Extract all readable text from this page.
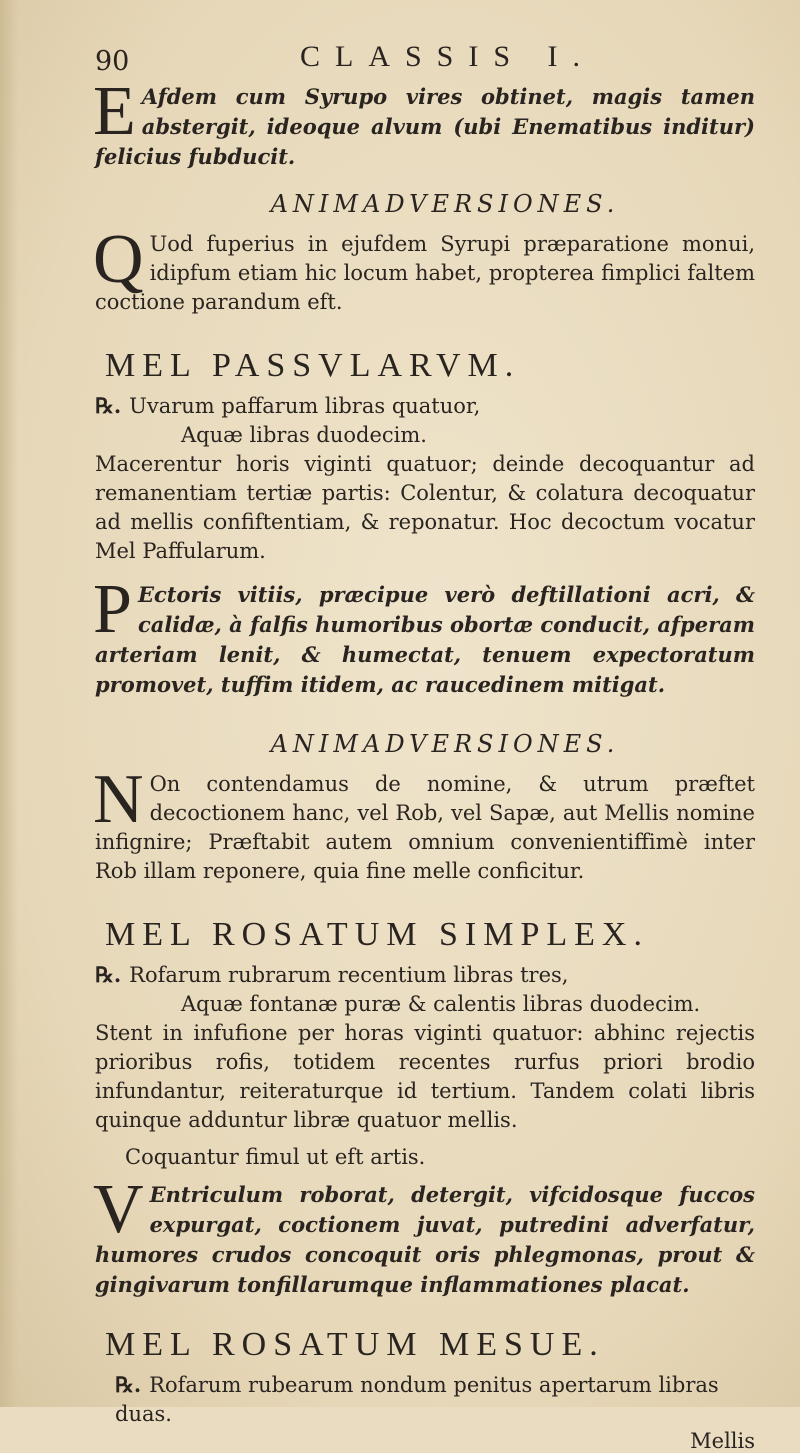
90	CLASSIS I.

E Afdem cum Syrupo vires obtinet, magis tamen abstergit, ideoque alvum (ubi Enematibus inditur) felicius fubducit.

ANIMADVERSIONES.

Q Uod fuperius in ejufdem Syrupi præparatione monui, idipfum etiam hic locum habet, propterea fimplici faltem coctione parandum eft.

MEL PASSVLARVM.

℞. Uvarum paffarum libras quatuor,

Aquæ libras duodecim.

Macerentur horis viginti quatuor; deinde decoquantur ad remanentiam tertiæ partis: Colentur, & colatura decoquatur ad mellis confiftentiam, & reponatur. Hoc decoctum vocatur Mel Paffularum.

P Ectoris vitiis, præcipue verò deftillationi acri, & calidæ, à falfis humoribus obortæ conducit, afperam arteriam lenit, & humectat, tenuem expectoratum promovet, tuffim itidem, ac raucedinem mitigat.

ANIMADVERSIONES.

N On contendamus de nomine, & utrum præftet decoctionem hanc, vel Rob, vel Sapæ, aut Mellis nomine infignire; Præftabit autem omnium convenientiffimè inter Rob illam reponere, quia fine melle conficitur.

MEL ROSATUM SIMPLEX.

℞. Rofarum rubrarum recentium libras tres,

Aquæ fontanæ puræ & calentis libras duodecim.

Stent in infufione per horas viginti quatuor: abhinc rejectis prioribus rofis, totidem recentes rurfus priori brodio infundantur, reiteraturque id tertium. Tandem colati libris quinque adduntur libræ quatuor mellis.

Coquantur fimul ut eft artis.

V Entriculum roborat, detergit, vifcidosque fuccos expurgat, coctionem juvat, putredini adverfatur, humores crudos concoquit oris phlegmonas, prout & gingivarum tonfillarumque inflammationes placat.

MEL ROSATUM MESUE.

℞. Rofarum rubearum nondum penitus apertarum libras duas.

Mellis
